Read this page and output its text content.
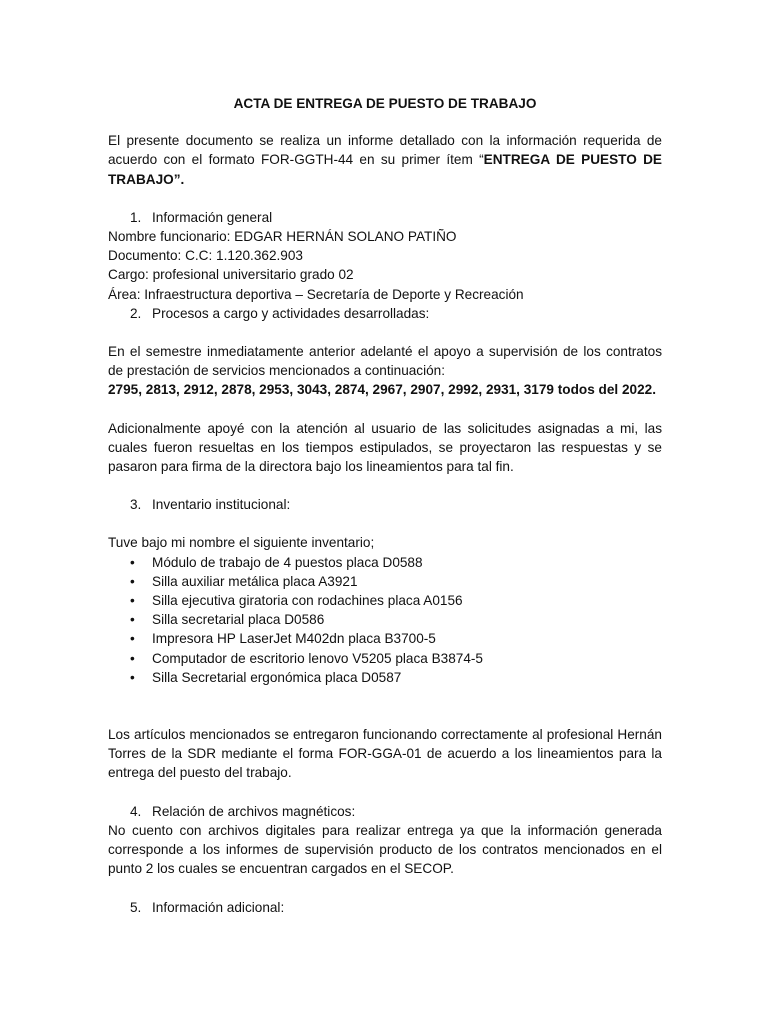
ACTA DE ENTREGA DE PUESTO DE TRABAJO
El presente documento se realiza un informe detallado con la información requerida de acuerdo con el formato FOR-GGTH-44 en su primer ítem “ENTREGA DE PUESTO DE TRABAJO”.
1. Información general
Nombre funcionario: EDGAR HERNÁN SOLANO PATIÑO
Documento: C.C: 1.120.362.903
Cargo: profesional universitario grado 02
Área: Infraestructura deportiva – Secretaría de Deporte y Recreación
2. Procesos a cargo y actividades desarrolladas:
En el semestre inmediatamente anterior adelanté el apoyo a supervisión de los contratos de prestación de servicios mencionados a continuación:
2795, 2813, 2912, 2878, 2953, 3043, 2874, 2967, 2907, 2992, 2931, 3179 todos del 2022.
Adicionalmente apoyé con la atención al usuario de las solicitudes asignadas a mi, las cuales fueron resueltas en los tiempos estipulados, se proyectaron las respuestas y se pasaron para firma de la directora bajo los lineamientos para tal fin.
3. Inventario institucional:
Tuve bajo mi nombre el siguiente inventario;
•	Módulo de trabajo de 4 puestos placa D0588
•	Silla auxiliar metálica placa A3921
•	Silla ejecutiva giratoria con rodachines placa A0156
•	Silla secretarial placa D0586
•	Impresora HP LaserJet M402dn placa B3700-5
•	Computador de escritorio lenovo V5205 placa B3874-5
•	Silla Secretarial ergonómica placa D0587
Los artículos mencionados se entregaron funcionando correctamente al profesional Hernán Torres de la SDR mediante el forma FOR-GGA-01 de acuerdo a los lineamientos para la entrega del puesto del trabajo.
4. Relación de archivos magnéticos:
No cuento con archivos digitales para realizar entrega ya que la información generada corresponde a los informes de supervisión producto de los contratos mencionados en el punto 2 los cuales se encuentran cargados en el SECOP.
5. Información adicional:
